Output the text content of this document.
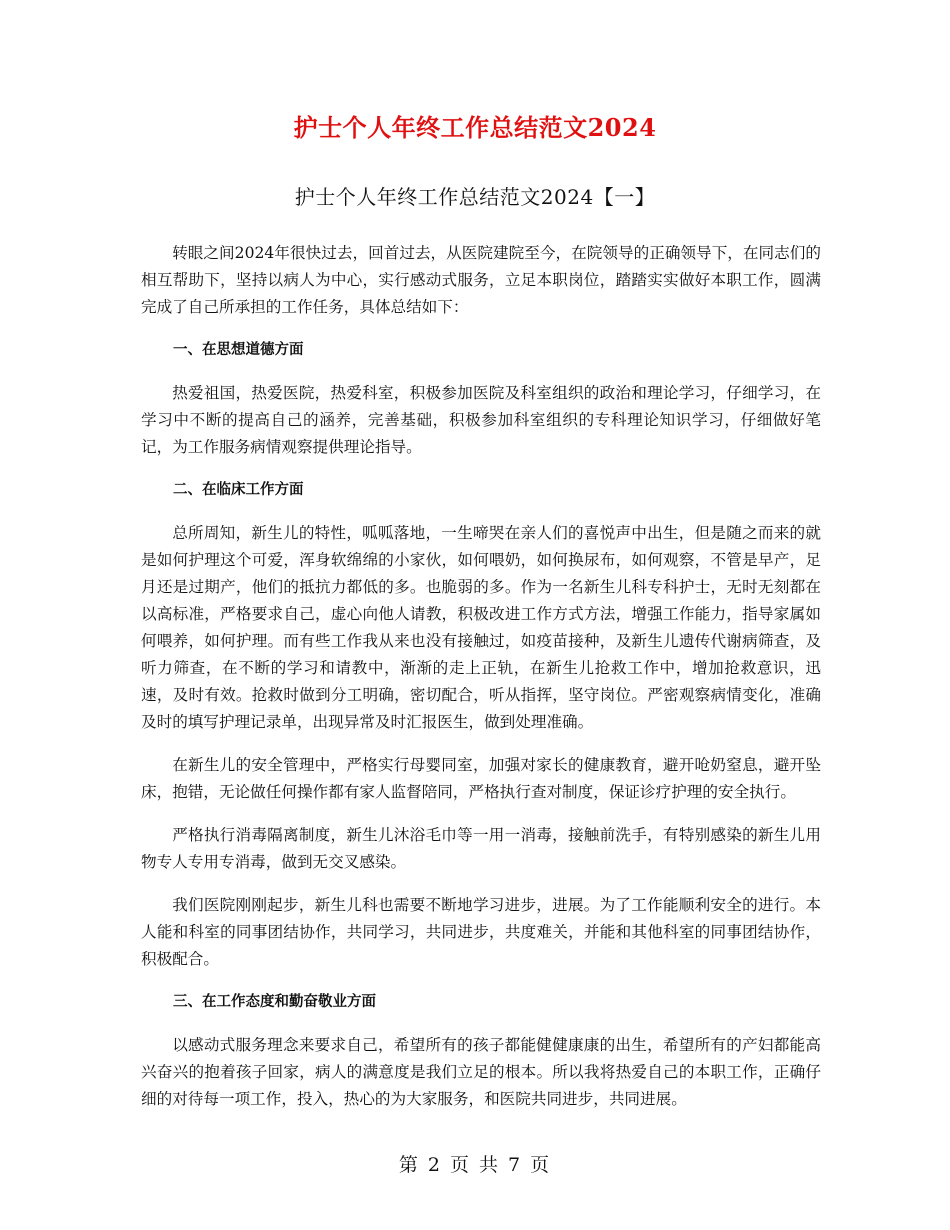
护士个人年终工作总结范文2024
护士个人年终工作总结范文2024【一】

转眼之间2024年很快过去，回首过去，从医院建院至今，在院领导的正确领导下，在同志们的相互帮助下，坚持以病人为中心，实行感动式服务，立足本职岗位，踏踏实实做好本职工作，圆满完成了自己所承担的工作任务，具体总结如下：

一、在思想道德方面

热爱祖国，热爱医院，热爱科室，积极参加医院及科室组织的政治和理论学习，仔细学习，在学习中不断的提高自己的涵养，完善基础，积极参加科室组织的专科理论知识学习，仔细做好笔记，为工作服务病情观察提供理论指导。

二、在临床工作方面

总所周知，新生儿的特性，呱呱落地，一生啼哭在亲人们的喜悦声中出生，但是随之而来的就是如何护理这个可爱，浑身软绵绵的小家伙，如何喂奶，如何换尿布，如何观察，不管是早产，足月还是过期产，他们的抵抗力都低的多。也脆弱的多。作为一名新生儿科专科护士，无时无刻都在以高标准，严格要求自己，虚心向他人请教，积极改进工作方式方法，增强工作能力，指导家属如何喂养，如何护理。而有些工作我从来也没有接触过，如疫苗接种，及新生儿遗传代谢病筛查，及听力筛查，在不断的学习和请教中，渐渐的走上正轨，在新生儿抢救工作中，增加抢救意识，迅速，及时有效。抢救时做到分工明确，密切配合，听从指挥，坚守岗位。严密观察病情变化，准确及时的填写护理记录单，出现异常及时汇报医生，做到处理准确。

在新生儿的安全管理中，严格实行母婴同室，加强对家长的健康教育，避开呛奶窒息，避开坠床，抱错，无论做任何操作都有家人监督陪同，严格执行查对制度，保证诊疗护理的安全执行。

严格执行消毒隔离制度，新生儿沐浴毛巾等一用一消毒，接触前洗手，有特别感染的新生儿用物专人专用专消毒，做到无交叉感染。

我们医院刚刚起步，新生儿科也需要不断地学习进步，进展。为了工作能顺利安全的进行。本人能和科室的同事团结协作，共同学习，共同进步，共度难关，并能和其他科室的同事团结协作，积极配合。

三、在工作态度和勤奋敬业方面

以感动式服务理念来要求自己，希望所有的孩子都能健健康康的出生，希望所有的产妇都能高兴奋兴的抱着孩子回家，病人的满意度是我们立足的根本。所以我将热爱自己的本职工作，正确仔细的对待每一项工作，投入，热心的为大家服务，和医院共同进步，共同进展。

第 2 页 共 7 页
